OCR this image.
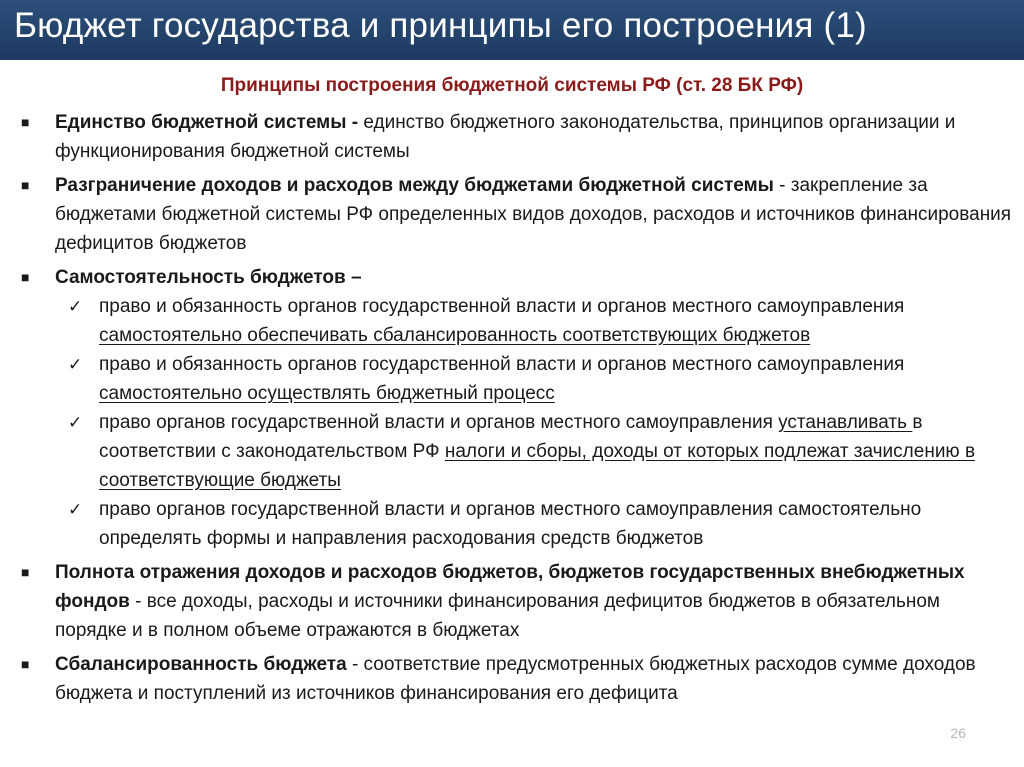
Бюджет государства и принципы его построения (1)
Принципы построения бюджетной системы РФ (ст. 28 БК РФ)
■ Единство бюджетной системы - единство бюджетного законодательства, принципов организации и функционирования бюджетной системы
■ Разграничение доходов и расходов между бюджетами бюджетной системы - закрепление за бюджетами бюджетной системы РФ определенных видов доходов, расходов и источников финансирования дефицитов бюджетов
■ Самостоятельность бюджетов –
✓ право и обязанность органов государственной власти и органов местного самоуправления самостоятельно обеспечивать сбалансированность соответствующих бюджетов
✓ право и обязанность органов государственной власти и органов местного самоуправления самостоятельно осуществлять бюджетный процесс
✓ право органов государственной власти и органов местного самоуправления устанавливать в соответствии с законодательством РФ налоги и сборы, доходы от которых подлежат зачислению в соответствующие бюджеты
✓ право органов государственной власти и органов местного самоуправления самостоятельно определять формы и направления расходования средств бюджетов
■ Полнота отражения доходов и расходов бюджетов, бюджетов государственных внебюджетных фондов - все доходы, расходы и источники финансирования дефицитов бюджетов в обязательном порядке и в полном объеме отражаются в бюджетах
■ Сбалансированность бюджета - соответствие предусмотренных бюджетных расходов сумме доходов бюджета и поступлений из источников финансирования его дефицита
26
